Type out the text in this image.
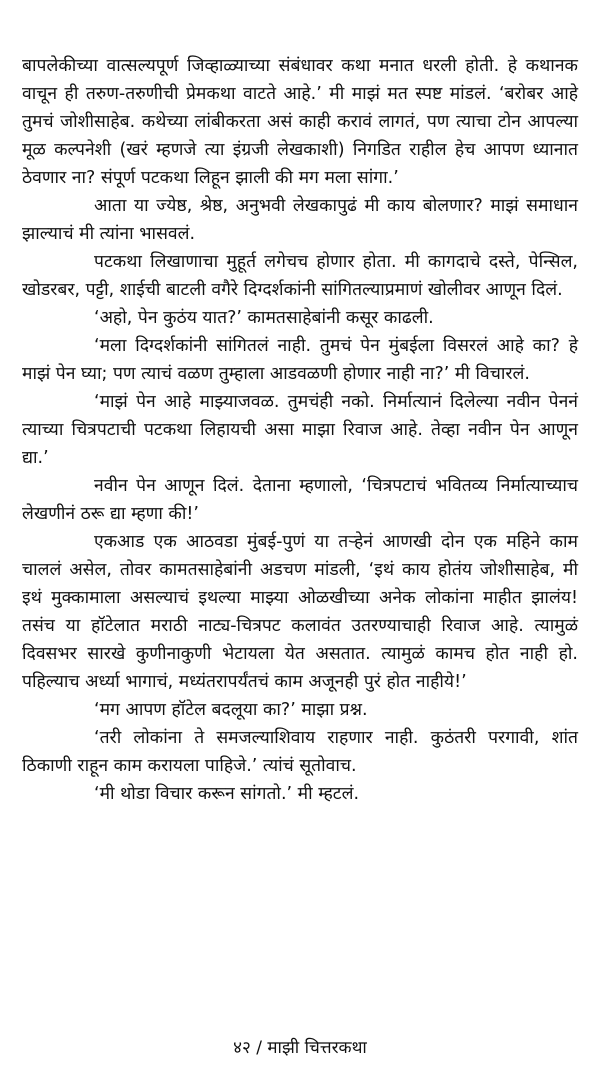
बापलेकीच्या वात्सल्यपूर्ण जिव्हाळ्याच्या संबंधावर कथा मनात धरली होती. हे कथानक वाचून ही तरुण-तरुणीची प्रेमकथा वाटते आहे.’ मी माझं मत स्पष्ट मांडलं. ‘बरोबर आहे तुमचं जोशीसाहेब. कथेच्या लांबीकरता असं काही करावं लागतं, पण त्याचा टोन आपल्या मूळ कल्पनेशी (खरं म्हणजे त्या इंग्रजी लेखकाशी) निगडित राहील हेच आपण ध्यानात ठेवणार ना? संपूर्ण पटकथा लिहून झाली की मग मला सांगा.’

आता या ज्येष्ठ, श्रेष्ठ, अनुभवी लेखकापुढं मी काय बोलणार? माझं समाधान झाल्याचं मी त्यांना भासवलं.

पटकथा लिखाणाचा मुहूर्त लगेचच होणार होता. मी कागदाचे दस्ते, पेन्सिल, खोडरबर, पट्टी, शाईची बाटली वगैरे दिग्दर्शकांनी सांगितल्याप्रमाणं खोलीवर आणून दिलं.

‘अहो, पेन कुठंय यात?’ कामतसाहेबांनी कसूर काढली.

‘मला दिग्दर्शकांनी सांगितलं नाही. तुमचं पेन मुंबईला विसरलं आहे का? हे माझं पेन घ्या; पण त्याचं वळण तुम्हाला आडवळणी होणार नाही ना?’ मी विचारलं.

‘माझं पेन आहे माझ्याजवळ. तुमचंही नको. निर्मात्यानं दिलेल्या नवीन पेननं त्याच्या चित्रपटाची पटकथा लिहायची असा माझा रिवाज आहे. तेव्हा नवीन पेन आणून द्या.’

नवीन पेन आणून दिलं. देताना म्हणालो, ‘चित्रपटाचं भवितव्य निर्मात्याच्याच लेखणीनं ठरू द्या म्हणा की!’

एकआड एक आठवडा मुंबई-पुणं या तऱ्हेनं आणखी दोन एक महिने काम चाललं असेल, तोवर कामतसाहेबांनी अडचण मांडली, ‘इथं काय होतंय जोशीसाहेब, मी इथं मुक्कामाला असल्याचं इथल्या माझ्या ओळखीच्या अनेक लोकांना माहीत झालंय! तसंच या हॉटेलात मराठी नाट्य-चित्रपट कलावंत उतरण्याचाही रिवाज आहे. त्यामुळं दिवसभर सारखे कुणीनाकुणी भेटायला येत असतात. त्यामुळं कामच होत नाही हो. पहिल्याच अर्ध्या भागाचं, मध्यंतरापर्यंतचं काम अजूनही पुरं होत नाहीये!’

‘मग आपण हॉटेल बदलूया का?’ माझा प्रश्न.

‘तरी लोकांना ते समजल्याशिवाय राहणार नाही. कुठंतरी परगावी, शांत ठिकाणी राहून काम करायला पाहिजे.’ त्यांचं सूतोवाच.

‘मी थोडा विचार करून सांगतो.’ मी म्हटलं.

४२ / माझी चित्तरकथा
